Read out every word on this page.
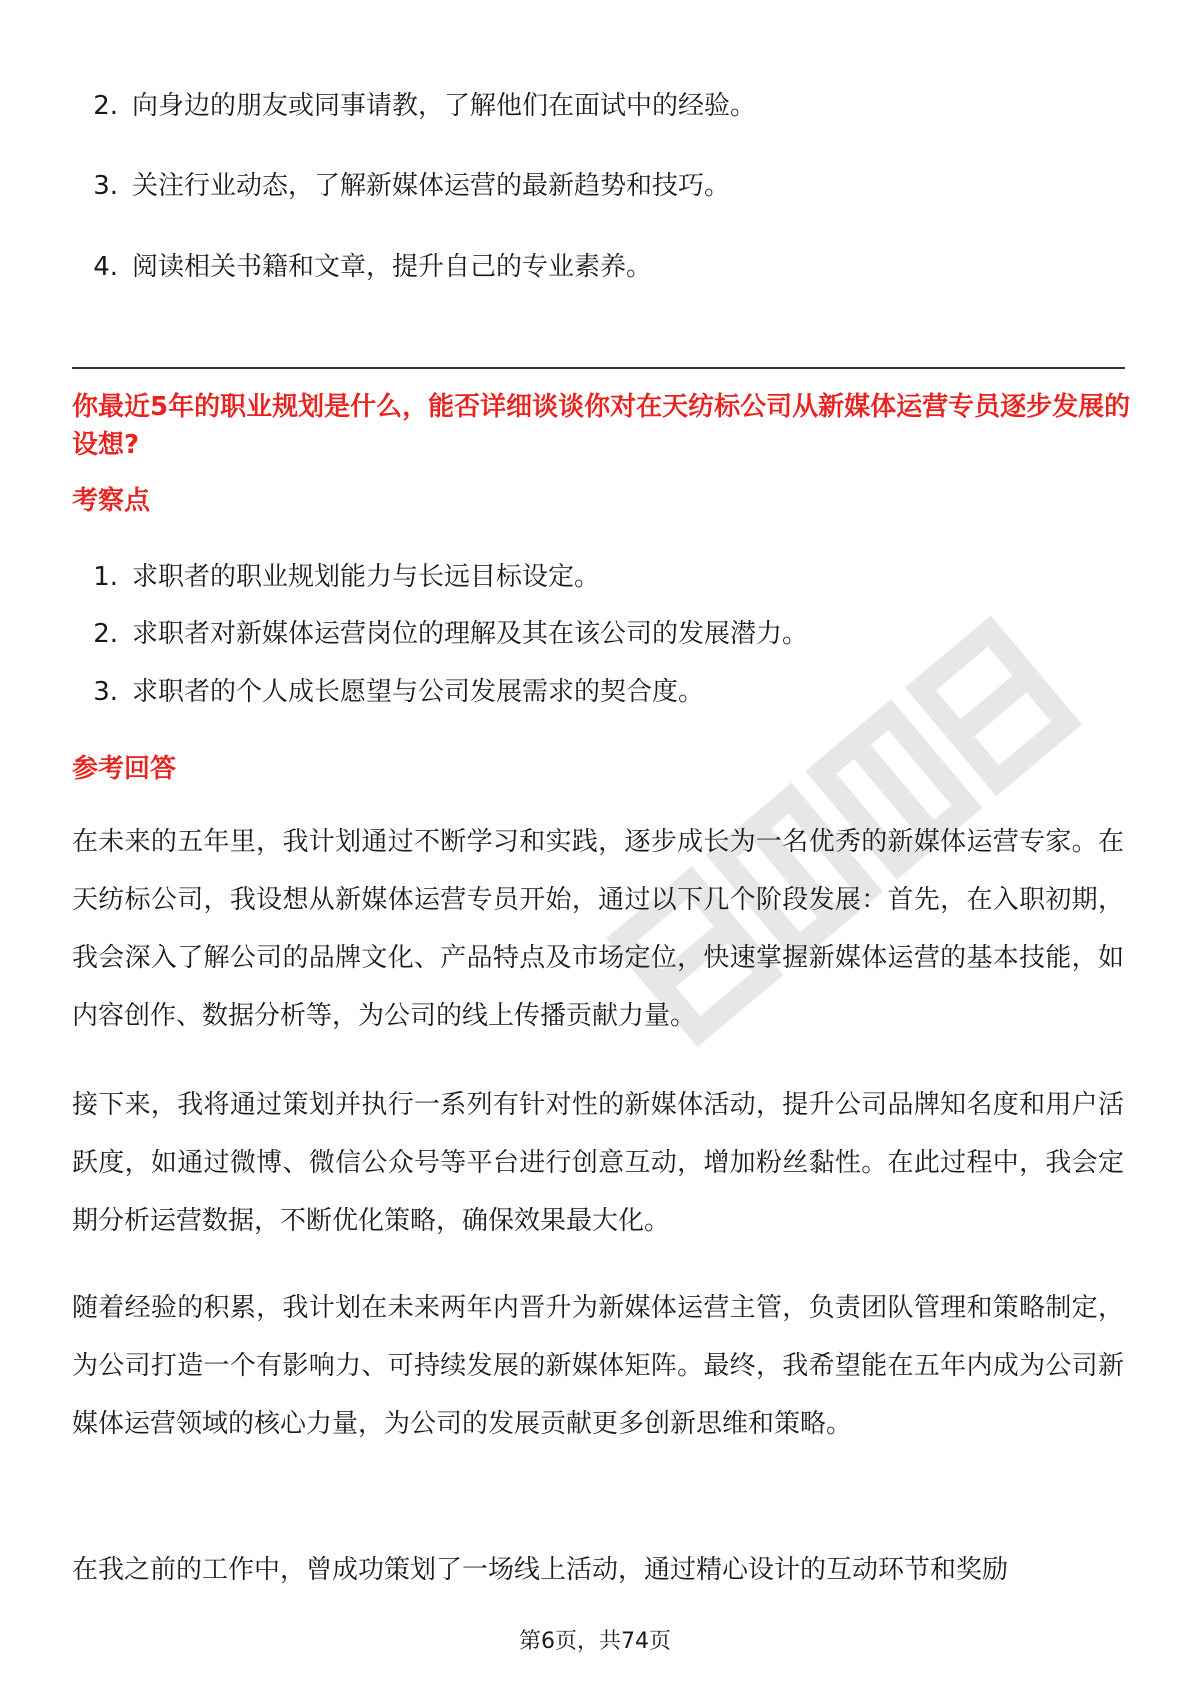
2. 向身边的朋友或同事请教，了解他们在面试中的经验。
3. 关注行业动态，了解新媒体运营的最新趋势和技巧。
4. 阅读相关书籍和文章，提升自己的专业素养。

你最近5年的职业规划是什么，能否详细谈谈你对在天纺标公司从新媒体运营专员逐步发展的设想?

考察点

1. 求职者的职业规划能力与长远目标设定。
2. 求职者对新媒体运营岗位的理解及其在该公司的发展潜力。
3. 求职者的个人成长愿望与公司发展需求的契合度。

参考回答

在未来的五年里，我计划通过不断学习和实践，逐步成长为一名优秀的新媒体运营专家。在天纺标公司，我设想从新媒体运营专员开始，通过以下几个阶段发展：首先，在入职初期，我会深入了解公司的品牌文化、产品特点及市场定位，快速掌握新媒体运营的基本技能，如内容创作、数据分析等，为公司的线上传播贡献力量。

接下来，我将通过策划并执行一系列有针对性的新媒体活动，提升公司品牌知名度和用户活跃度，如通过微博、微信公众号等平台进行创意互动，增加粉丝黏性。在此过程中，我会定期分析运营数据，不断优化策略，确保效果最大化。

随着经验的积累，我计划在未来两年内晋升为新媒体运营主管，负责团队管理和策略制定，为公司打造一个有影响力、可持续发展的新媒体矩阵。最终，我希望能在五年内成为公司新媒体运营领域的核心力量，为公司的发展贡献更多创新思维和策略。

在我之前的工作中，曾成功策划了一场线上活动，通过精心设计的互动环节和奖励

第6页，共74页
